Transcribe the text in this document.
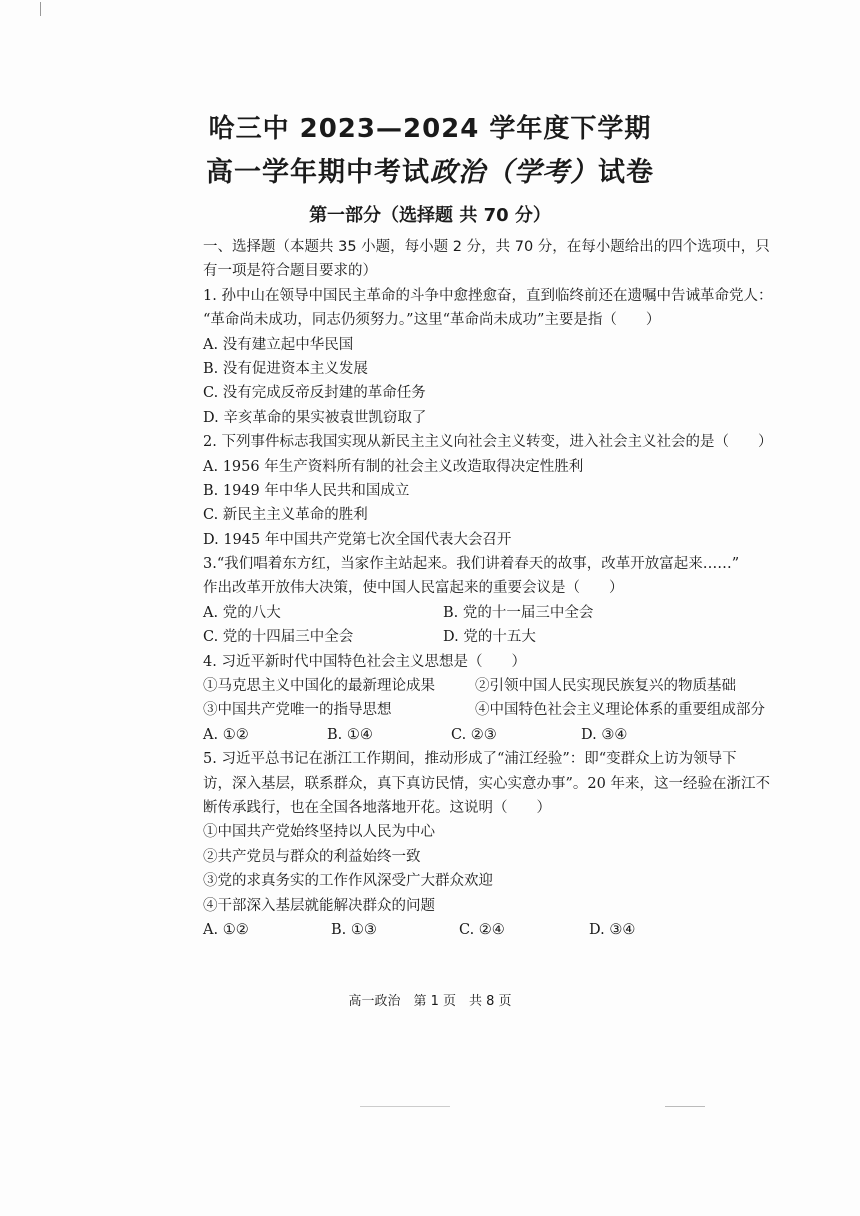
哈三中 2023—2024 学年度下学期
高一学年期中考试政治（学考）试卷
第一部分（选择题 共 70 分）
一、选择题（本题共 35 小题，每小题 2 分，共 70 分，在每小题给出的四个选项中，只
有一项是符合题目要求的）
1. 孙中山在领导中国民主革命的斗争中愈挫愈奋，直到临终前还在遗嘱中告诫革命党人：
“革命尚未成功，同志仍须努力。”这里“革命尚未成功”主要是指（　　）
A. 没有建立起中华民国
B. 没有促进资本主义发展
C. 没有完成反帝反封建的革命任务
D. 辛亥革命的果实被袁世凯窃取了
2. 下列事件标志我国实现从新民主主义向社会主义转变，进入社会主义社会的是（　　）
A. 1956 年生产资料所有制的社会主义改造取得决定性胜利
B. 1949 年中华人民共和国成立
C. 新民主主义革命的胜利
D. 1945 年中国共产党第七次全国代表大会召开
3.“我们唱着东方红，当家作主站起来。我们讲着春天的故事，改革开放富起来……”
作出改革开放伟大决策，使中国人民富起来的重要会议是（　　）
A. 党的八大	B. 党的十一届三中全会
C. 党的十四届三中全会	D. 党的十五大
4. 习近平新时代中国特色社会主义思想是（　　）
①马克思主义中国化的最新理论成果	②引领中国人民实现民族复兴的物质基础
③中国共产党唯一的指导思想	④中国特色社会主义理论体系的重要组成部分
A. ①②	B. ①④	C. ②③	D. ③④
5. 习近平总书记在浙江工作期间，推动形成了“浦江经验”：即“变群众上访为领导下
访，深入基层，联系群众，真下真访民情，实心实意办事”。20 年来，这一经验在浙江不
断传承践行，也在全国各地落地开花。这说明（　　）
①中国共产党始终坚持以人民为中心
②共产党员与群众的利益始终一致
③党的求真务实的工作作风深受广大群众欢迎
④干部深入基层就能解决群众的问题
A. ①②	B. ①③	C. ②④	D. ③④
高一政治　第 1 页　共 8 页
